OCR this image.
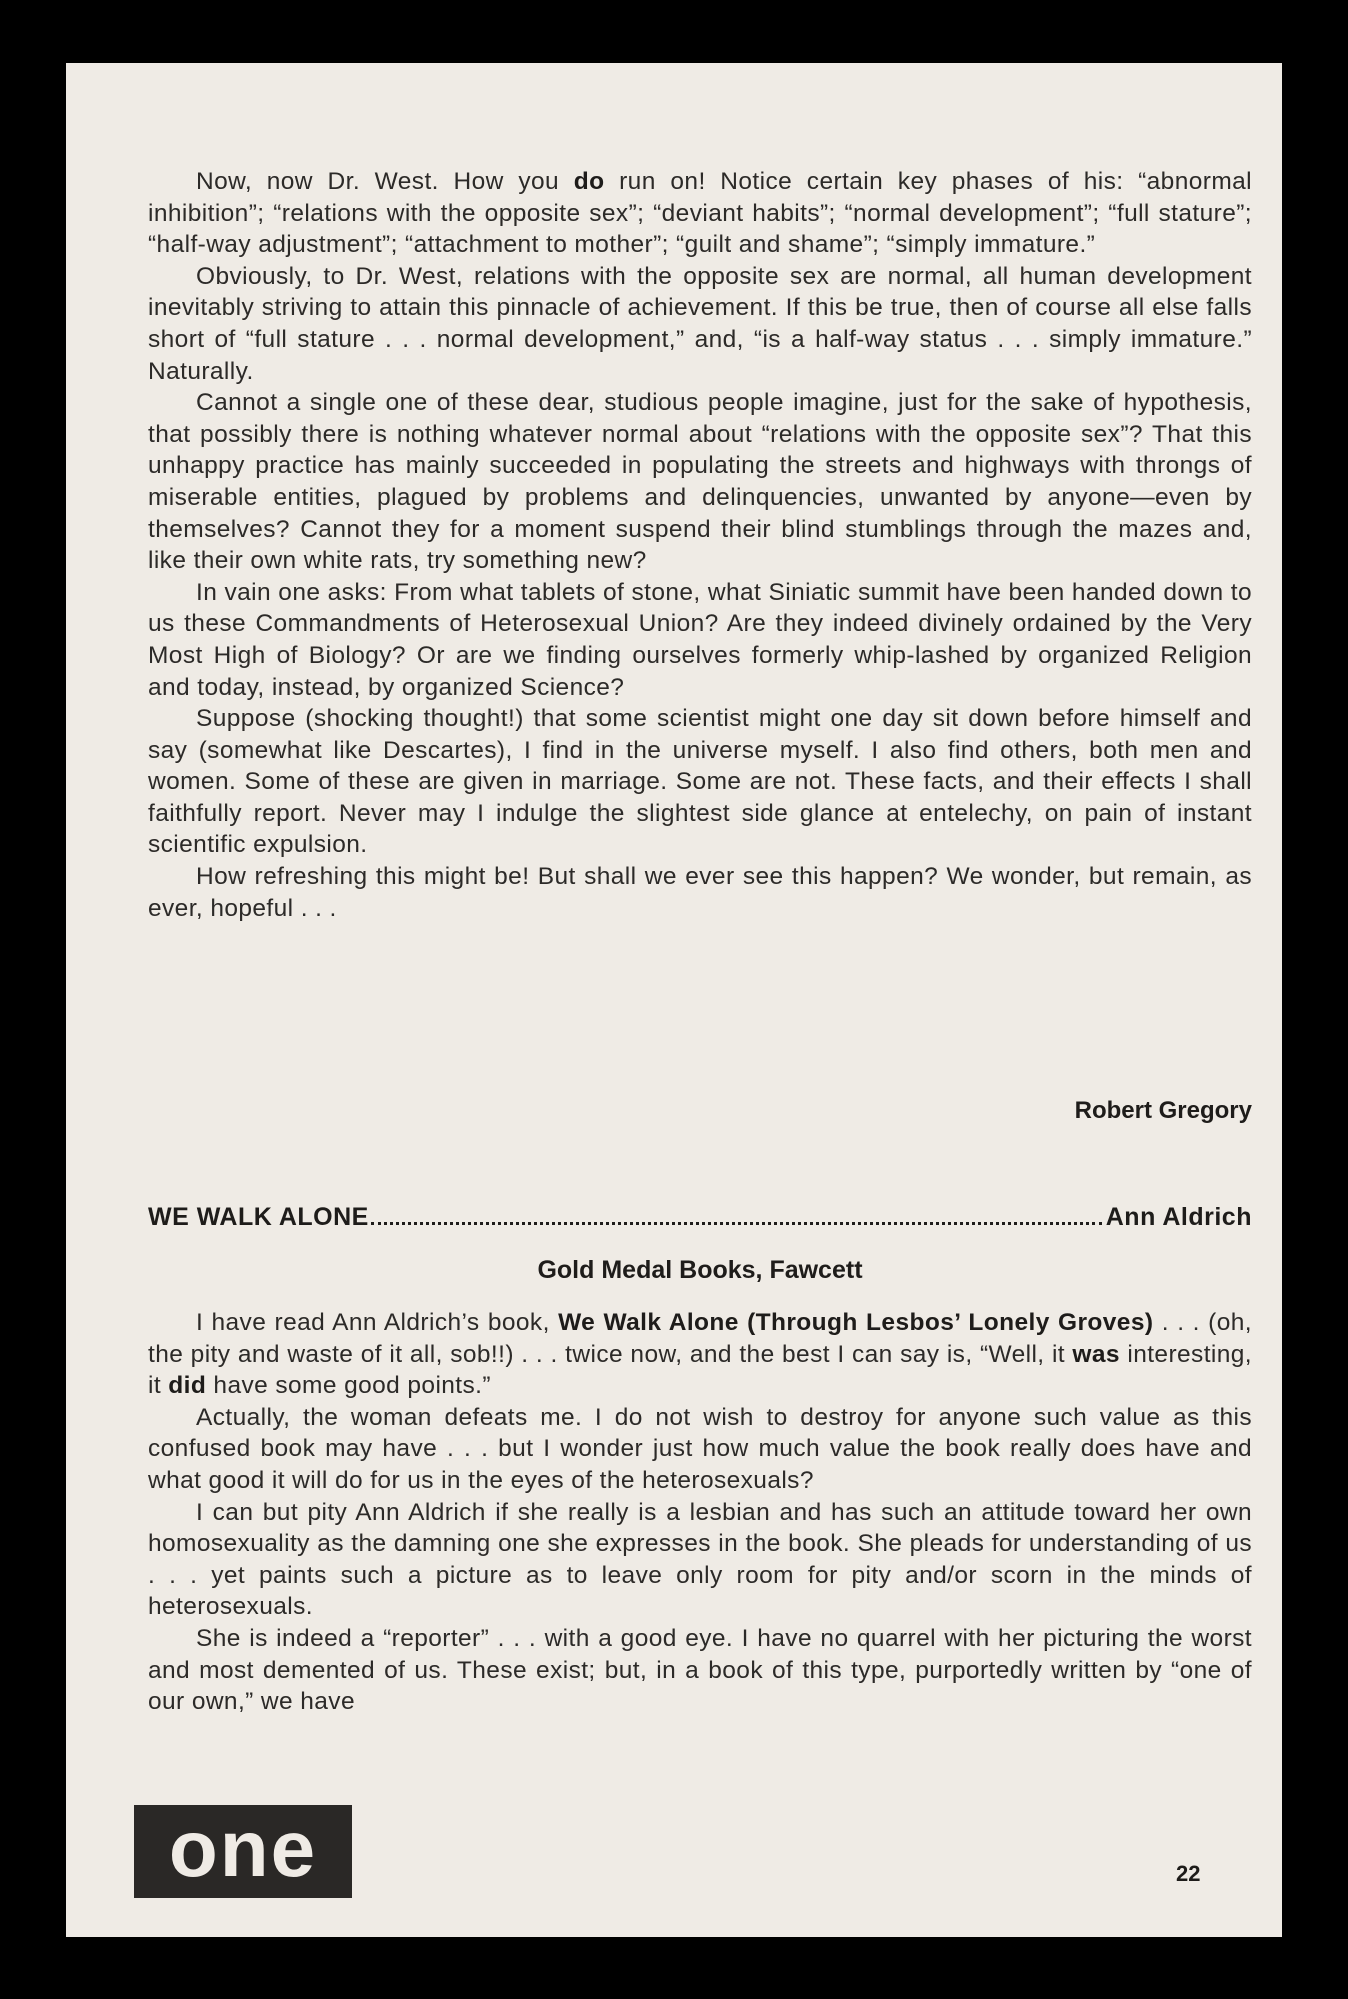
Now, now Dr. West. How you do run on! Notice certain key phases of his: “abnormal inhibition”; “relations with the opposite sex”; “deviant habits”; “normal development”; “full stature”; “half-way adjustment”; “attachment to mother”; “guilt and shame”; “simply immature.”

Obviously, to Dr. West, relations with the opposite sex are normal, all human development inevitably striving to attain this pinnacle of achievement. If this be true, then of course all else falls short of “full stature . . . normal development,” and, “is a half-way status . . . simply immature.” Naturally.

Cannot a single one of these dear, studious people imagine, just for the sake of hypothesis, that possibly there is nothing whatever normal about “relations with the opposite sex”? That this unhappy practice has mainly succeeded in populating the streets and highways with throngs of miserable entities, plagued by problems and delinquencies, unwanted by anyone—even by themselves? Cannot they for a moment suspend their blind stumblings through the mazes and, like their own white rats, try something new?

In vain one asks: From what tablets of stone, what Siniatic summit have been handed down to us these Commandments of Heterosexual Union? Are they indeed divinely ordained by the Very Most High of Biology? Or are we finding ourselves formerly whip-lashed by organized Religion and today, instead, by organized Science?

Suppose (shocking thought!) that some scientist might one day sit down before himself and say (somewhat like Descartes), I find in the universe myself. I also find others, both men and women. Some of these are given in marriage. Some are not. These facts, and their effects I shall faithfully report. Never may I indulge the slightest side glance at entelechy, on pain of instant scientific expulsion.

How refreshing this might be! But shall we ever see this happen? We wonder, but remain, as ever, hopeful . . .

Robert Gregory
WE WALK ALONE	Ann Aldrich
Gold Medal Books, Fawcett

I have read Ann Aldrich’s book, We Walk Alone (Through Lesbos’ Lonely Groves) . . . (oh, the pity and waste of it all, sob!!) . . . twice now, and the best I can say is, “Well, it was interesting, it did have some good points.”

Actually, the woman defeats me. I do not wish to destroy for anyone such value as this confused book may have . . . but I wonder just how much value the book really does have and what good it will do for us in the eyes of the heterosexuals?

I can but pity Ann Aldrich if she really is a lesbian and has such an attitude toward her own homosexuality as the damning one she expresses in the book. She pleads for understanding of us . . . yet paints such a picture as to leave only room for pity and/or scorn in the minds of heterosexuals.

She is indeed a “reporter” . . . with a good eye. I have no quarrel with her picturing the worst and most demented of us. These exist; but, in a book of this type, purportedly written by “one of our own,” we have

one	22
